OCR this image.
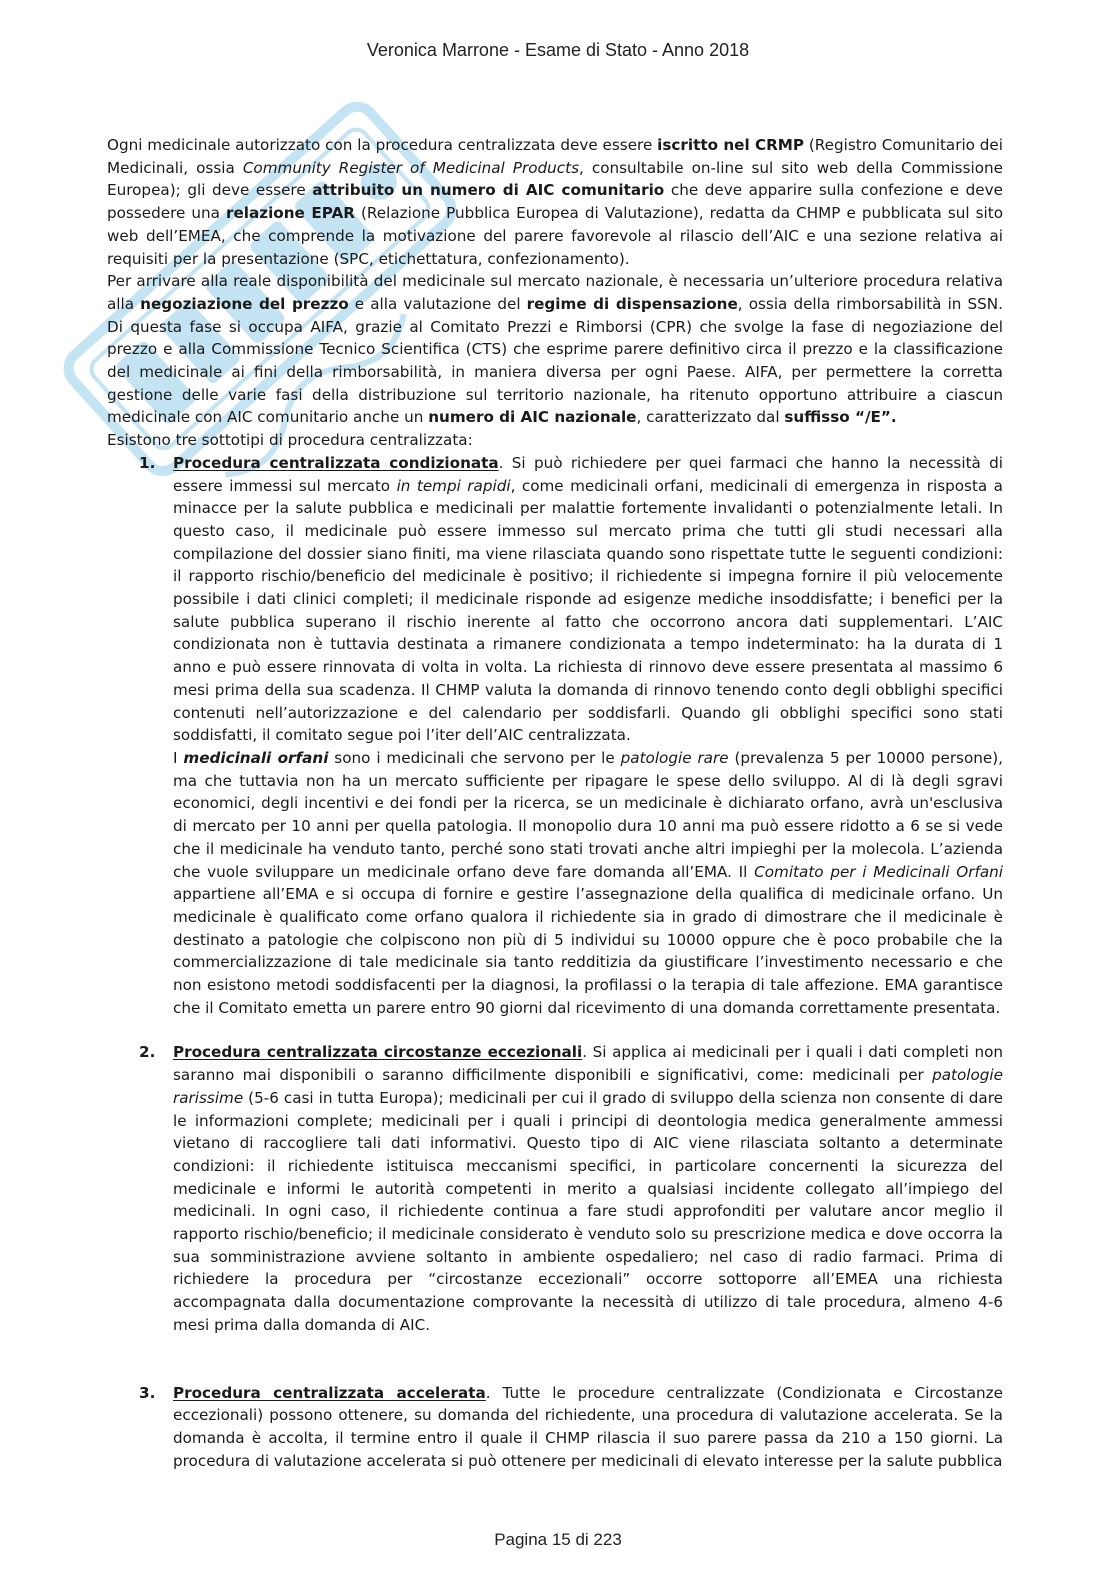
Veronica Marrone - Esame di Stato - Anno 2018

Ogni medicinale autorizzato con la procedura centralizzata deve essere iscritto nel CRMP (Registro Comunitario dei Medicinali, ossia Community Register of Medicinal Products, consultabile on-line sul sito web della Commissione Europea); gli deve essere attribuito un numero di AIC comunitario che deve apparire sulla confezione e deve possedere una relazione EPAR (Relazione Pubblica Europea di Valutazione), redatta da CHMP e pubblicata sul sito web dell’EMEA, che comprende la motivazione del parere favorevole al rilascio dell’AIC e una sezione relativa ai requisiti per la presentazione (SPC, etichettatura, confezionamento).

Per arrivare alla reale disponibilità del medicinale sul mercato nazionale, è necessaria un’ulteriore procedura relativa alla negoziazione del prezzo e alla valutazione del regime di dispensazione, ossia della rimborsabilità in SSN. Di questa fase si occupa AIFA, grazie al Comitato Prezzi e Rimborsi (CPR) che svolge la fase di negoziazione del prezzo e alla Commissione Tecnico Scientifica (CTS) che esprime parere definitivo circa il prezzo e la classificazione del medicinale ai fini della rimborsabilità, in maniera diversa per ogni Paese. AIFA, per permettere la corretta gestione delle varie fasi della distribuzione sul territorio nazionale, ha ritenuto opportuno attribuire a ciascun medicinale con AIC comunitario anche un numero di AIC nazionale, caratterizzato dal suffisso “/E”.

Esistono tre sottotipi di procedura centralizzata:

1. Procedura centralizzata condizionata. Si può richiedere per quei farmaci che hanno la necessità di essere immessi sul mercato in tempi rapidi, come medicinali orfani, medicinali di emergenza in risposta a minacce per la salute pubblica e medicinali per malattie fortemente invalidanti o potenzialmente letali. In questo caso, il medicinale può essere immesso sul mercato prima che tutti gli studi necessari alla compilazione del dossier siano finiti, ma viene rilasciata quando sono rispettate tutte le seguenti condizioni: il rapporto rischio/beneficio del medicinale è positivo; il richiedente si impegna fornire il più velocemente possibile i dati clinici completi; il medicinale risponde ad esigenze mediche insoddisfatte; i benefici per la salute pubblica superano il rischio inerente al fatto che occorrono ancora dati supplementari. L’AIC condizionata non è tuttavia destinata a rimanere condizionata a tempo indeterminato: ha la durata di 1 anno e può essere rinnovata di volta in volta. La richiesta di rinnovo deve essere presentata al massimo 6 mesi prima della sua scadenza. Il CHMP valuta la domanda di rinnovo tenendo conto degli obblighi specifici contenuti nell’autorizzazione e del calendario per soddisfarli. Quando gli obblighi specifici sono stati soddisfatti, il comitato segue poi l’iter dell’AIC centralizzata.

I medicinali orfani sono i medicinali che servono per le patologie rare (prevalenza 5 per 10000 persone), ma che tuttavia non ha un mercato sufficiente per ripagare le spese dello sviluppo. Al di là degli sgravi economici, degli incentivi e dei fondi per la ricerca, se un medicinale è dichiarato orfano, avrà un'esclusiva di mercato per 10 anni per quella patologia. Il monopolio dura 10 anni ma può essere ridotto a 6 se si vede che il medicinale ha venduto tanto, perché sono stati trovati anche altri impieghi per la molecola. L’azienda che vuole sviluppare un medicinale orfano deve fare domanda all’EMA. Il Comitato per i Medicinali Orfani appartiene all’EMA e si occupa di fornire e gestire l’assegnazione della qualifica di medicinale orfano. Un medicinale è qualificato come orfano qualora il richiedente sia in grado di dimostrare che il medicinale è destinato a patologie che colpiscono non più di 5 individui su 10000 oppure che è poco probabile che la commercializzazione di tale medicinale sia tanto redditizia da giustificare l’investimento necessario e che non esistono metodi soddisfacenti per la diagnosi, la profilassi o la terapia di tale affezione. EMA garantisce che il Comitato emetta un parere entro 90 giorni dal ricevimento di una domanda correttamente presentata.

2. Procedura centralizzata circostanze eccezionali. Si applica ai medicinali per i quali i dati completi non saranno mai disponibili o saranno difficilmente disponibili e significativi, come: medicinali per patologie rarissime (5-6 casi in tutta Europa); medicinali per cui il grado di sviluppo della scienza non consente di dare le informazioni complete; medicinali per i quali i principi di deontologia medica generalmente ammessi vietano di raccogliere tali dati informativi. Questo tipo di AIC viene rilasciata soltanto a determinate condizioni: il richiedente istituisca meccanismi specifici, in particolare concernenti la sicurezza del medicinale e informi le autorità competenti in merito a qualsiasi incidente collegato all’impiego del medicinali. In ogni caso, il richiedente continua a fare studi approfonditi per valutare ancor meglio il rapporto rischio/beneficio; il medicinale considerato è venduto solo su prescrizione medica e dove occorra la sua somministrazione avviene soltanto in ambiente ospedaliero; nel caso di radio farmaci. Prima di richiedere la procedura per “circostanze eccezionali” occorre sottoporre all’EMEA una richiesta accompagnata dalla documentazione comprovante la necessità di utilizzo di tale procedura, almeno 4-6 mesi prima dalla domanda di AIC.

3. Procedura centralizzata accelerata. Tutte le procedure centralizzate (Condizionata e Circostanze eccezionali) possono ottenere, su domanda del richiedente, una procedura di valutazione accelerata. Se la domanda è accolta, il termine entro il quale il CHMP rilascia il suo parere passa da 210 a 150 giorni. La procedura di valutazione accelerata si può ottenere per medicinali di elevato interesse per la salute pubblica

Pagina 15 di 223
